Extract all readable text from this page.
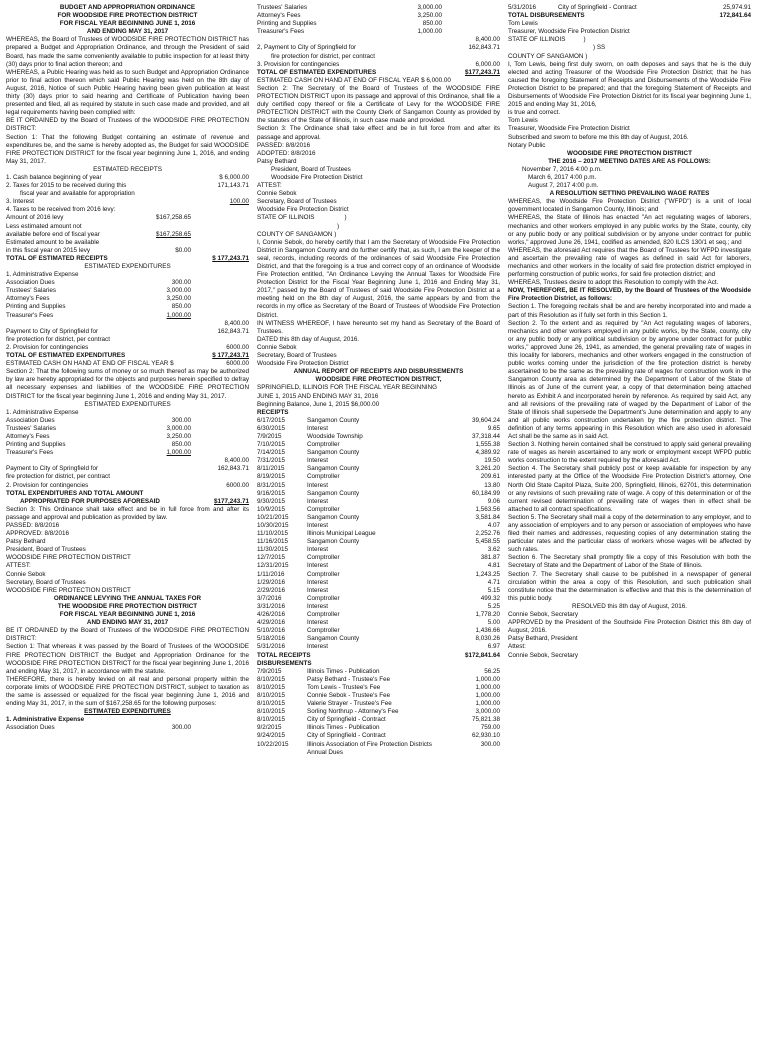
BUDGET AND APPROPRIATION ORDINANCE
FOR WOODSIDE FIRE PROTECTION DISTRICT
FOR FISCAL YEAR BEGINNING JUNE 1, 2016
AND ENDING MAY 31, 2017

WHEREAS, the Board of Trustees of WOODSIDE FIRE PROTECTION DISTRICT has prepared a Budget and Appropriation Ordinance, and through the President of said Board, has made the same conveniently available to public inspection for at least thirty (30) days prior to final action thereon; and

WHEREAS, a Public Hearing was held as to such Budget and Appropriation Ordinance prior to final action thereon which said Public Hearing was held on the 8th day of August, 2016, Notice of such Public Hearing having been given publication at least thirty (30) days prior to said hearing and Certificate of Publication having been presented and filed, all as required by statute in such case made and provided, and all legal requirements having been complied with:

BE IT ORDAINED by the Board of Trustees of the WOODSIDE FIRE PROTECTION DISTRICT:

Section 1: That the following Budget containing an estimate of revenue and expenditures be, and the same is hereby adopted as, the Budget for said WOODSIDE FIRE PROTECTION DISTRICT for the fiscal year beginning June 1, 2016, and ending May 31, 2017.

ESTIMATED RECEIPTS
1. Cash balance beginning of year	$ 6,000.00
2. Taxes for 2015 to be received during this	171,143.71
fiscal year and available for appropriation
3. Interest	100.00
4. Taxes to be received from 2016 levy:
Amount of 2016 levy	$167,258.65
Less estimated amount not
available before end of fiscal year	$167,258.65
Estimated amount to be available
in this fiscal year on 2015 levy	$0.00
TOTAL OF ESTIMATED RECEIPTS	$ 177,243.71
ESTIMATED EXPENDITURES
1. Administrative Expense
Association Dues	300.00
Trustees' Salaries	3,000.00
Attorney's Fees	3,250.00
Printing and Supplies	850.00
Treasurer's Fees	1,000.00
8,400.00
Payment to City of Springfield for	162,843.71
fire protection for district, per contract
2. Provision for contingencies	6000.00
TOTAL OF ESTIMATED EXPENDITURES	$ 177,243.71
ESTIMATED CASH ON HAND AT END OF FISCAL YEAR $	6000.00

Section 2: That the following sums of money or so much thereof as may be authorized by law are hereby appropriated for the objects and purposes herein specified to defray all necessary expenses and liabilities of the WOODSIDE FIRE PROTECTION DISTRICT for the fiscal year beginning June 1, 2016 and ending May 31, 2017.

ESTIMATED EXPENDITURES
1. Administrative Expense
Association Dues	300.00
Trustees' Salaries	3,000.00
Attorney's Fees	3,250.00
Printing and Supplies	850.00
Treasurer's Fees	1,000.00
8,400.00
Payment to City of Springfield for	162,843.71
fire protection for district, per contract
2. Provision for contingencies	6000.00
TOTAL EXPENDITURES AND TOTAL AMOUNT
APPROPRIATED FOR PURPOSES AFORESAID	$177,243.71

Section 3: This Ordinance shall take effect and be in full force from and after its passage and approval and publication as provided by law.

PASSED: 8/8/2016
APPROVED: 8/8/2016
Patsy Bethard
President, Board of Trustees
WOODSIDE FIRE PROTECTION DISTRICT
ATTEST:
Connie Sebok
Secretary, Board of Trustees
WOODSIDE FIRE PROTECTION DISTRICT
ORDINANCE LEVYING THE ANNUAL TAXES FOR
THE WOODSIDE FIRE PROTECTION DISTRICT
FOR FISCAL YEAR BEGINNING JUNE 1, 2016
AND ENDING MAY 31, 2017

BE IT ORDAINED by the Board of Trustees of the WOODSIDE FIRE PROTECTION DISTRICT:

Section 1: That whereas it was passed by the Board of Trustees of the WOODSIDE FIRE PROTECTION DISTRICT the Budget and Appropriation Ordinance for the WOODSIDE FIRE PROTECTION DISTRICT for the fiscal year beginning June 1, 2016 and ending May 31, 2017, in accordance with the statute.

THEREFORE, there is hereby levied on all real and personal property within the corporate limits of WOODSIDE FIRE PROTECTION DISTRICT, subject to taxation as the same is assessed or equalized for the fiscal year beginning June 1, 2016 and ending May 31, 2017, in the sum of $167,258.65 for the following purposes:

ESTIMATED EXPENDITURES
1. Administrative Expense
Association Dues	300.00
Trustees' Salaries	3,000.00
Attorney's Fees	3,250.00
Printing and Supplies	850.00
Treasurer's Fees	1,000.00
8,400.00
2, Payment to City of Springfield for	162,843.71
fire protection for district, per contract
3. Provision for contingencies	6,000.00
TOTAL OF ESTIMATED EXPENDITURES	$177,243.71
ESTIMATED CASH ON HAND AT END OF FISCAL YEAR $ 6,000.00

Section 2: The Secretary of the Board of Trustees of the WOODSIDE FIRE PROTECTION DISTRICT upon its passage and approval of this Ordinance, shall file a duly certified copy thereof or file a Certificate of Levy for the WOODSIDE FIRE PROTECTION DISTRICT with the County Clerk of Sangamon County as provided by the statutes of the State of Illinois, in such case made and provided.

Section 3: The Ordinance shall take effect and be in full force from and after its passage and approval.

PASSED: 8/8/2016
ADOPTED: 8/8/2016
Patsy Bethard
President, Board of Trustees
Woodside Fire Protection District
ATTEST:
Connie Sebok
Secretary, Board of Trustees
Woodside Fire Protection District
STATE OF ILLINOIS	)
)
COUNTY OF SANGAMON )

I, Connie Sebok, do hereby certify that I am the Secretary of Woodside Fire Protection District in Sangamon County and do further certify that, as such, I am the keeper of the seal, records, including records of the ordinances of said Woodside Fire Protection District, and that the foregoing is a true and correct copy of an ordinance of Woodside Fire Protection entitled, "An Ordinance Levying the Annual Taxes for Woodside Fire Protection District for the Fiscal Year Beginning June 1, 2016 and Ending May 31, 2017," passed by the Board of Trustees of said Woodside Fire Protection District at a meeting held on the 8th day of August, 2016, the same appears by and from the records in my office as Secretary of the Board of Trustees of Woodside Fire Protection District.

IN WITNESS WHEREOF, I have hereunto set my hand as Secretary of the Board of Trustees.

DATED this 8th day of August, 2016.
Connie Sebok
Secretary, Board of Trustees
Woodside Fire Protection District
ANNUAL REPORT OF RECEIPTS AND DISBURSEMENTS
WOODSIDE FIRE PROTECTION DISTRICT,
SPRINGFIELD, ILLINOIS FOR THE FISCAL YEAR BEGINNING
JUNE 1, 2015 AND ENDING MAY 31, 2016
Beginning Balance, June 1, 2015 $6,000.00
RECEIPTS
6/17/2015	Sangamon County	39,604.24
6/30/2015	Interest	9.65
7/9/2015	Woodside Township	37,318.44
7/10/2015	Comptroller	1,555.38
7/14/2015	Sangamon County	4,389.92
7/31/2015	Interest	19.50
8/11/2015	Sangamon County	3,261.20
8/19/2015	Comptroller	209.61
8/31/2015	Interest	13.80
9/16/2015	Sangamon County	60,184.99
9/30/2015	Interest	9.06
10/9/2015	Comptroller	1,563.56
10/21/2015	Sangamon County	3,581.84
10/30/2015	Interest	4.07
11/10/2015	Illinois Municipal League	2,252.76
11/16/2015	Sangamon County	5,458.55
11/30/2015	Interest	3.62
12/7/2015	Comptroller	381.87
12/31/2015	Interest	4.81
1/11/2016	Comptroller	1,243.25
1/29/2016	Interest	4.71
2/29/2016	Interest	5.15
3/7/2016	Comptroller	499.32
3/31/2016	Interest	5.25
4/26/2016	Comptroller	1,778.20
4/29/2016	Interest	5.00
5/10/2016	Comptroller	1,436.66
5/18/2016	Sangamon County	8,030.26
5/31/2016	Interest	6.97
TOTAL RECEIPTS	$172,841.64
DISBURSEMENTS
7/9/2015	Illinois Times - Publication	56.25
8/10/2015	Patsy Bethard - Trustee's Fee	1,000.00
8/10/2015	Tom Lewis - Trustee's Fee	1,000.00
8/10/2015	Connie Sebok - Trustee's Fee	1,000.00
8/10/2015	Valerie Strayer - Trustee's Fee	1,000.00
8/10/2015	Sorling Northrup - Attorney's Fee	3,000.00
8/10/2015	City of Springfield - Contract	75,821.38
9/2/2015	Illinois Times - Publication	759.00
9/24/2015	City of Springfield - Contract	62,930.10
10/22/2015	Illinois Association of Fire Protection Districts	300.00
Annual Dues
5/31/2016	City of Springfield - Contract	25,974.91
TOTAL DISBURSEMENTS	172,841.64
Tom Lewis
Treasurer, Woodside Fire Protection District
STATE OF ILLINOIS	)
) SS
COUNTY OF SANGAMON )

I, Tom Lewis, being first duly sworn, on oath deposes and says that he is the duly elected and acting Treasurer of the Woodside Fire Protection District; that he has caused the foregoing Statement of Receipts and Disbursements of the Woodside Fire Protection District to be prepared; and that the foregoing Statement of Receipts and Disbursements of Woodside Fire Protection District for its fiscal year beginning June 1, 2015 and ending May 31, 2016,

is true and correct.
Tom Lewis
Treasurer, Woodside Fire Protection District
Subscribed and sworn to before me this 8th day of August, 2016.
Notary Public
WOODSIDE FIRE PROTECTION DISTRICT
THE 2016 – 2017 MEETING DATES ARE AS FOLLOWS:
November 7, 2016 4:00 p.m.
March 6, 2017 4:00 p.m.
August 7, 2017 4:00 p.m.
A RESOLUTION SETTING PREVAILING WAGE RATES

WHEREAS, the Woodside Fire Protection District ("WFPD") is a unit of local government located in Sangamon County, Illinois; and

WHEREAS, the State of Illinois has enacted "An act regulating wages of laborers, mechanics and other workers employed in any public works by the State, county, city or any public body or any political subdivision or by anyone under contract for public works," approved June 26, 1941, codified as amended, 820 ILCS 130/1 et seq.; and

WHEREAS, the aforesaid Act requires that the Board of Trustees for WFPD investigate and ascertain the prevailing rate of wages as defined in said Act for laborers, mechanics and other workers in the locality of said fire protection district employed in performing construction of public works, for said fire protection district; and

WHEREAS, Trustees desire to adopt this Resolution to comply with the Act.

NOW, THEREFORE, BE IT RESOLVED, by the Board of Trustees of the Woodside Fire Protection District, as follows:

Section 1. The foregoing recitals shall be and are hereby incorporated into and made a part of this Resolution as if fully set forth in this Section 1.

Section 2. To the extent and as required by "An Act regulating wages of laborers, mechanics and other workers employed in any public works, by the State, county, city or any public body or any political subdivision or by anyone under contract for public works," approved June 26, 1941, as amended, the general prevailing rate of wages in this locality for laborers, mechanics and other workers engaged in the construction of public works coming under the jurisdiction of the fire protection district is hereby ascertained to be the same as the prevailing rate of wages for construction work in the Sangamon County area as determined by the Department of Labor of the State of Illinois as of June of the current year, a copy of that determination being attached hereto as Exhibit A and incorporated herein by reference. As required by said Act, any and all revisions of the prevailing rate of waged by the Department of Labor of the State of Illinois shall supersede the Department's June determination and apply to any and all public works construction undertaken by the fire protection district. The definition of any terms appearing in this Resolution which are also used in aforesaid Act shall be the same as in said Act.

Section 3. Nothing herein contained shall be construed to apply said general prevailing rate of wages as herein ascertained to any work or employment except WFPD public works construction to the extent required by the aforesaid Act.

Section 4. The Secretary shall publicly post or keep available for inspection by any interested party at the Office of the Woodside Fire Protection District's attorney, One North Old State Capitol Plaza, Suite 200, Springfield, Illinois, 62701, this determination or any revisions of such prevailing rate of wage. A copy of this determination or of the current revised determination of prevailing rate of wages then in effect shall be attached to all contract specifications.

Section 5. The Secretary shall mail a copy of the determination to any employer, and to any association of employers and to any person or association of employees who have filed their names and addresses, requesting copies of any determination stating the particular rates and the particular class of workers whose wages will be affected by such rates.

Section 6. The Secretary shall promptly file a copy of this Resolution with both the Secretary of State and the Department of Labor of the State of Illinois.

Section 7. The Secretary shall cause to be published in a newspaper of general circulation within the area a copy of this Resolution, and such publication shall constitute notice that the determination is effective and that this is the determination of this public body.

RESOLVED this 8th day of August, 2016.
Connie Sebok, Secretary

APPROVED by the President of the Southside Fire Protection District this 8th day of August, 2016.

Patsy Bethard, President
Attest:
Connie Sebok, Secretary
